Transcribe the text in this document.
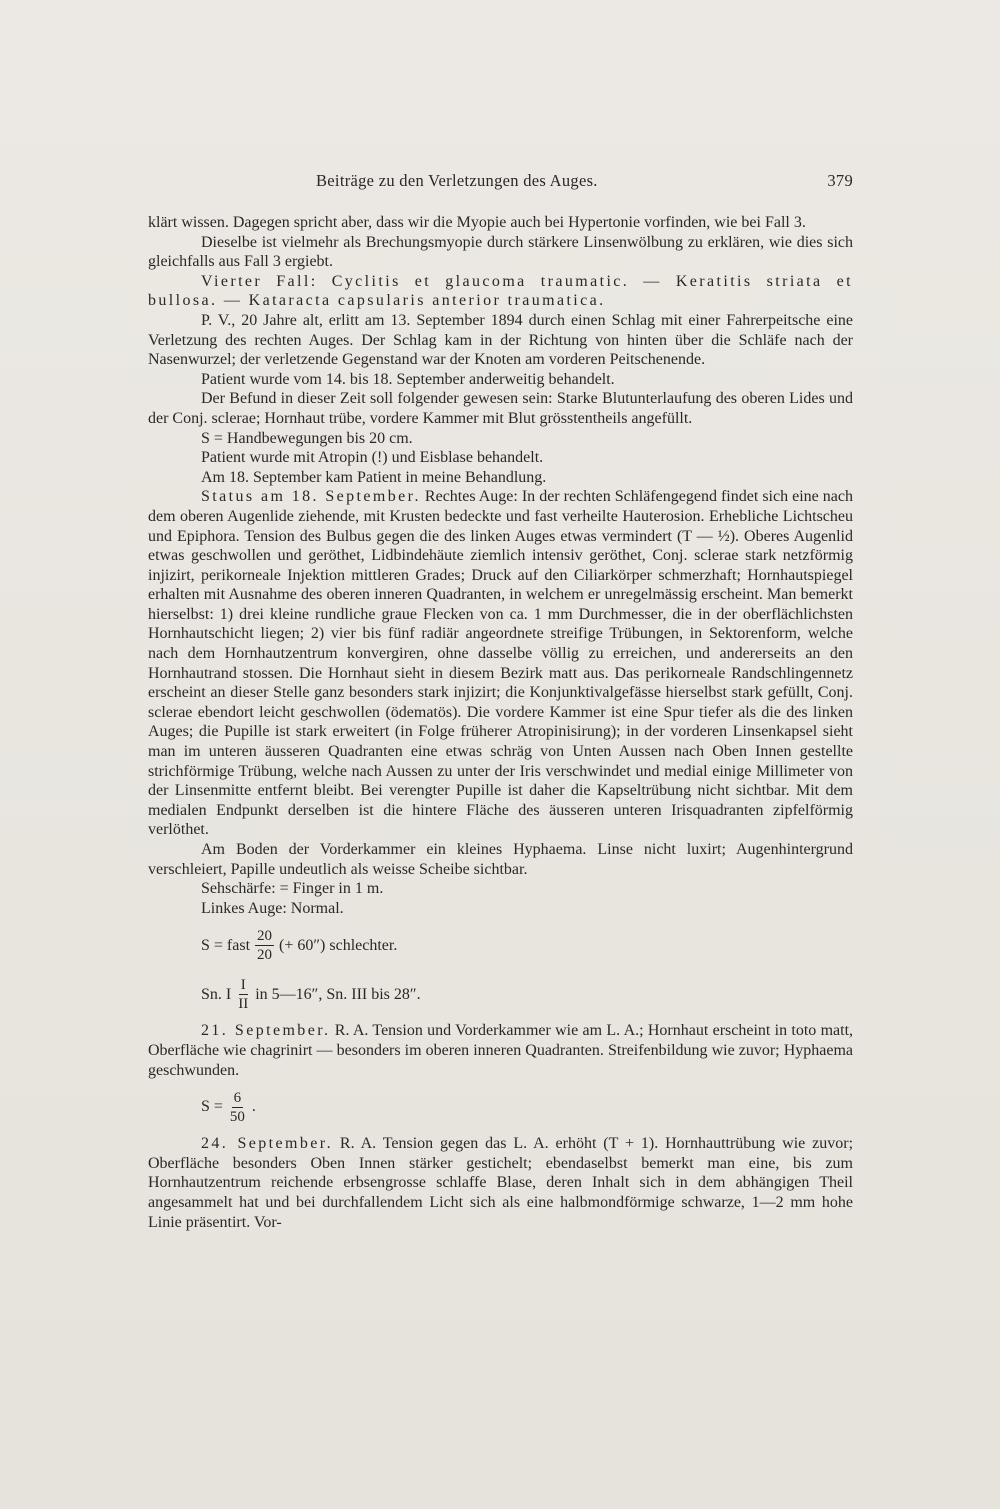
Beiträge zu den Verletzungen des Auges.	379

klärt wissen. Dagegen spricht aber, dass wir die Myopie auch bei Hypertonie vorfinden, wie bei Fall 3.

Dieselbe ist vielmehr als Brechungsmyopie durch stärkere Linsenwölbung zu erklären, wie dies sich gleichfalls aus Fall 3 ergiebt.

Vierter Fall: Cyclitis et glaucoma traumatic. — Keratitis striata et bullosa. — Kataracta capsularis anterior traumatica.

P. V., 20 Jahre alt, erlitt am 13. September 1894 durch einen Schlag mit einer Fahrerpeitsche eine Verletzung des rechten Auges. Der Schlag kam in der Richtung von hinten über die Schläfe nach der Nasenwurzel; der verletzende Gegenstand war der Knoten am vorderen Peitschenende.

Patient wurde vom 14. bis 18. September anderweitig behandelt.

Der Befund in dieser Zeit soll folgender gewesen sein: Starke Blutunterlaufung des oberen Lides und der Conj. sclerae; Hornhaut trübe, vordere Kammer mit Blut grösstentheils angefüllt.

S = Handbewegungen bis 20 cm.

Patient wurde mit Atropin (!) und Eisblase behandelt.

Am 18. September kam Patient in meine Behandlung.

Status am 18. September. Rechtes Auge: In der rechten Schläfengegend findet sich eine nach dem oberen Augenlide ziehende, mit Krusten bedeckte und fast verheilte Hauterosion. Erhebliche Lichtscheu und Epiphora. Tension des Bulbus gegen die des linken Auges etwas vermindert (T — ½). Oberes Augenlid etwas geschwollen und geröthet, Lidbindehäute ziemlich intensiv geröthet, Conj. sclerae stark netzförmig injizirt, perikorneale Injektion mittleren Grades; Druck auf den Ciliarkörper schmerzhaft; Hornhautspiegel erhalten mit Ausnahme des oberen inneren Quadranten, in welchem er unregelmässig erscheint. Man bemerkt hierselbst: 1) drei kleine rundliche graue Flecken von ca. 1 mm Durchmesser, die in der oberflächlichsten Hornhautschicht liegen; 2) vier bis fünf radiär angeordnete streifige Trübungen, in Sektorenform, welche nach dem Hornhautzentrum konvergiren, ohne dasselbe völlig zu erreichen, und andererseits an den Hornhautrand stossen. Die Hornhaut sieht in diesem Bezirk matt aus. Das perikorneale Randschlingennetz erscheint an dieser Stelle ganz besonders stark injizirt; die Konjunktivalgefässe hierselbst stark gefüllt, Conj. sclerae ebendort leicht geschwollen (ödematös). Die vordere Kammer ist eine Spur tiefer als die des linken Auges; die Pupille ist stark erweitert (in Folge früherer Atropinisirung); in der vorderen Linsenkapsel sieht man im unteren äusseren Quadranten eine etwas schräg von Unten Aussen nach Oben Innen gestellte strichförmige Trübung, welche nach Aussen zu unter der Iris verschwindet und medial einige Millimeter von der Linsenmitte entfernt bleibt. Bei verengter Pupille ist daher die Kapseltrübung nicht sichtbar. Mit dem medialen Endpunkt derselben ist die hintere Fläche des äusseren unteren Irisquadranten zipfelförmig verlöthet.

Am Boden der Vorderkammer ein kleines Hyphaema. Linse nicht luxirt; Augenhintergrund verschleiert, Papille undeutlich als weisse Scheibe sichtbar.

Sehschärfe: = Finger in 1 m.

Linkes Auge: Normal.

S = fast $\frac{20}{20}$ (+ 60″) schlechter.
Sn. I $\frac{I}{II}$ in 5—16″, Sn. III bis 28″.

21. September. R. A. Tension und Vorderkammer wie am L. A.; Hornhaut erscheint in toto matt, Oberfläche wie chagrinirt — besonders im oberen inneren Quadranten. Streifenbildung wie zuvor; Hyphaema geschwunden.

$S = \frac{6}{50}$ .

24. September. R. A. Tension gegen das L. A. erhöht (T + 1). Hornhauttrübung wie zuvor; Oberfläche besonders Oben Innen stärker gestichelt; ebendaselbst bemerkt man eine, bis zum Hornhautzentrum reichende erbsengrosse schlaffe Blase, deren Inhalt sich in dem abhängigen Theil angesammelt hat und bei durchfallendem Licht sich als eine halbmondförmige schwarze, 1—2 mm hohe Linie präsentirt. Vor-
